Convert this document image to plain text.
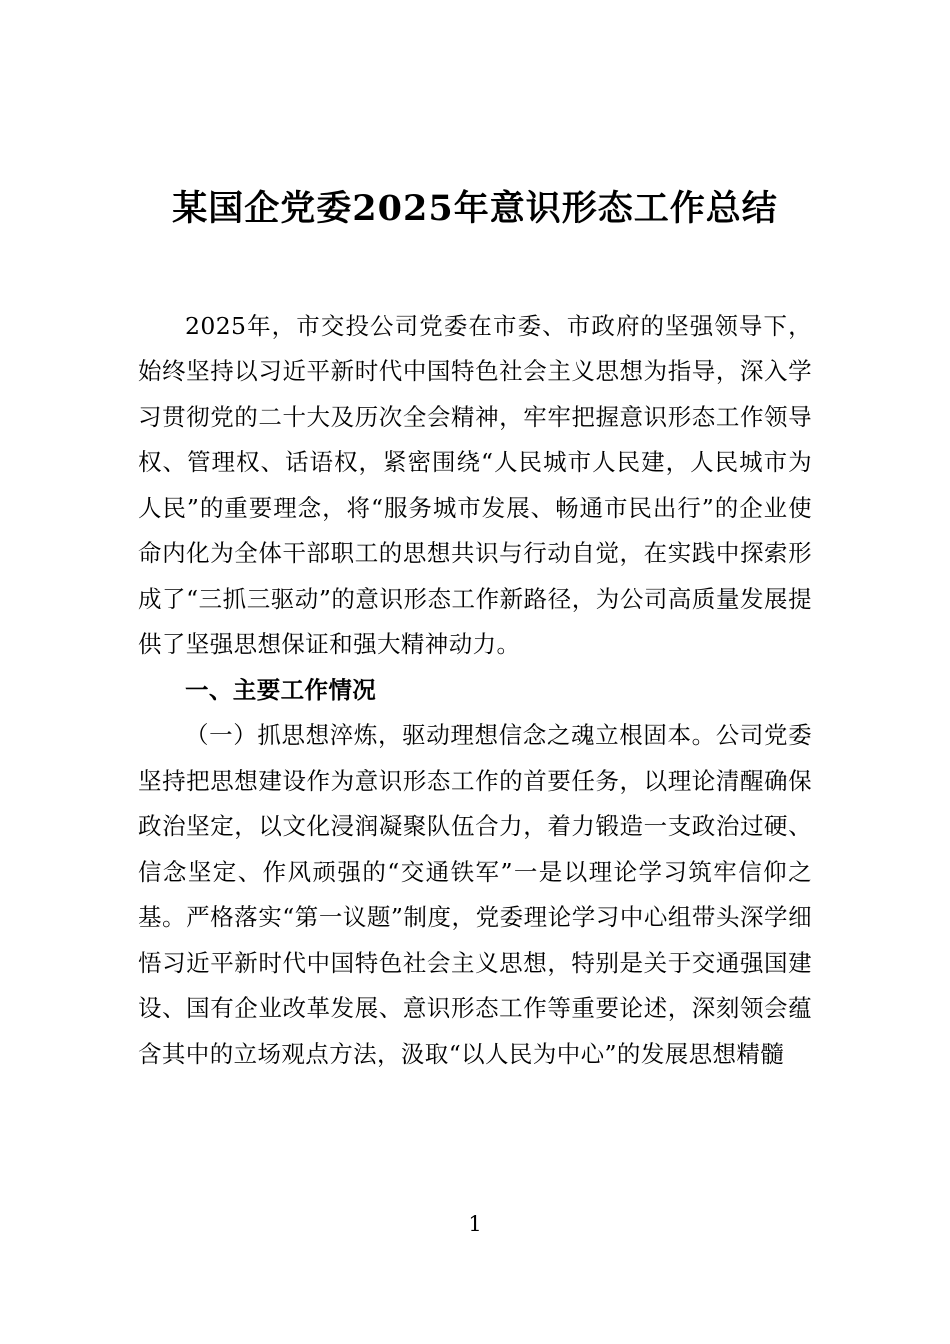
某国企党委2025年意识形态工作总结

2025年，市交投公司党委在市委、市政府的坚强领导下，始终坚持以习近平新时代中国特色社会主义思想为指导，深入学习贯彻党的二十大及历次全会精神，牢牢把握意识形态工作领导权、管理权、话语权，紧密围绕“人民城市人民建，人民城市为人民”的重要理念，将“服务城市发展、畅通市民出行”的企业使命内化为全体干部职工的思想共识与行动自觉，在实践中探索形成了“三抓三驱动”的意识形态工作新路径，为公司高质量发展提供了坚强思想保证和强大精神动力。

一、主要工作情况

（一）抓思想淬炼，驱动理想信念之魂立根固本。公司党委坚持把思想建设作为意识形态工作的首要任务，以理论清醒确保政治坚定，以文化浸润凝聚队伍合力，着力锻造一支政治过硬、信念坚定、作风顽强的“交通铁军”一是以理论学习筑牢信仰之基。严格落实“第一议题”制度，党委理论学习中心组带头深学细悟习近平新时代中国特色社会主义思想，特别是关于交通强国建设、国有企业改革发展、意识形态工作等重要论述，深刻领会蕴含其中的立场观点方法，汲取“以人民为中心”的发展思想精髓

1
